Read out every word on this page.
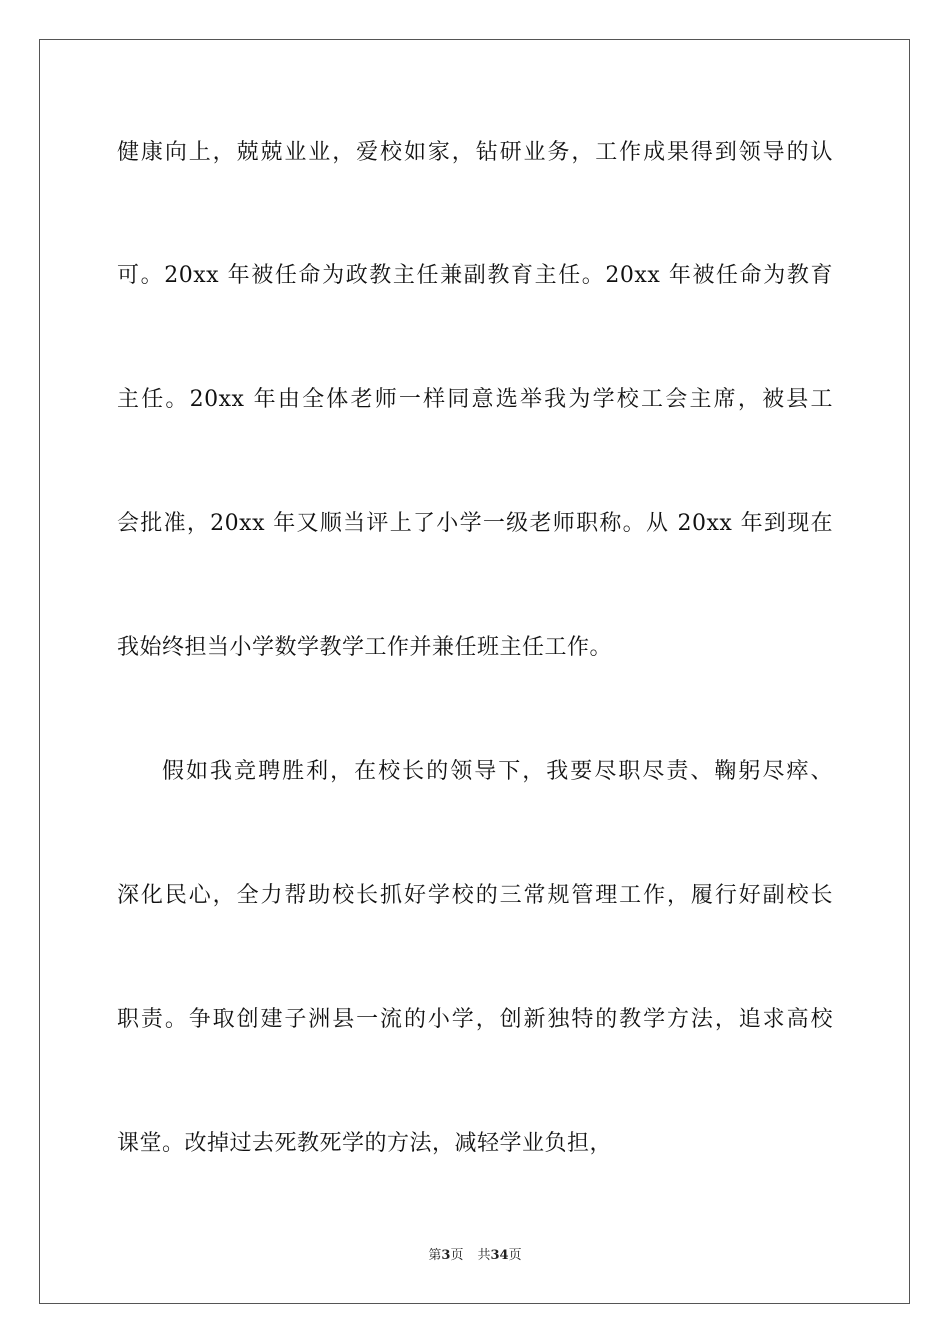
健康向上，兢兢业业，爱校如家，钻研业务，工作成果得到领导的认
可。20xx 年被任命为政教主任兼副教育主任。20xx 年被任命为教育
主任。20xx 年由全体老师一样同意选举我为学校工会主席，被县工
会批准，20xx 年又顺当评上了小学一级老师职称。从 20xx 年到现在
我始终担当小学数学教学工作并兼任班主任工作。
假如我竞聘胜利，在校长的领导下，我要尽职尽责、鞠躬尽瘁、
深化民心，全力帮助校长抓好学校的三常规管理工作，履行好副校长
职责。争取创建子洲县一流的小学，创新独特的教学方法，追求高校
课堂。改掉过去死教死学的方法，减轻学业负担，
第3页 共34页
